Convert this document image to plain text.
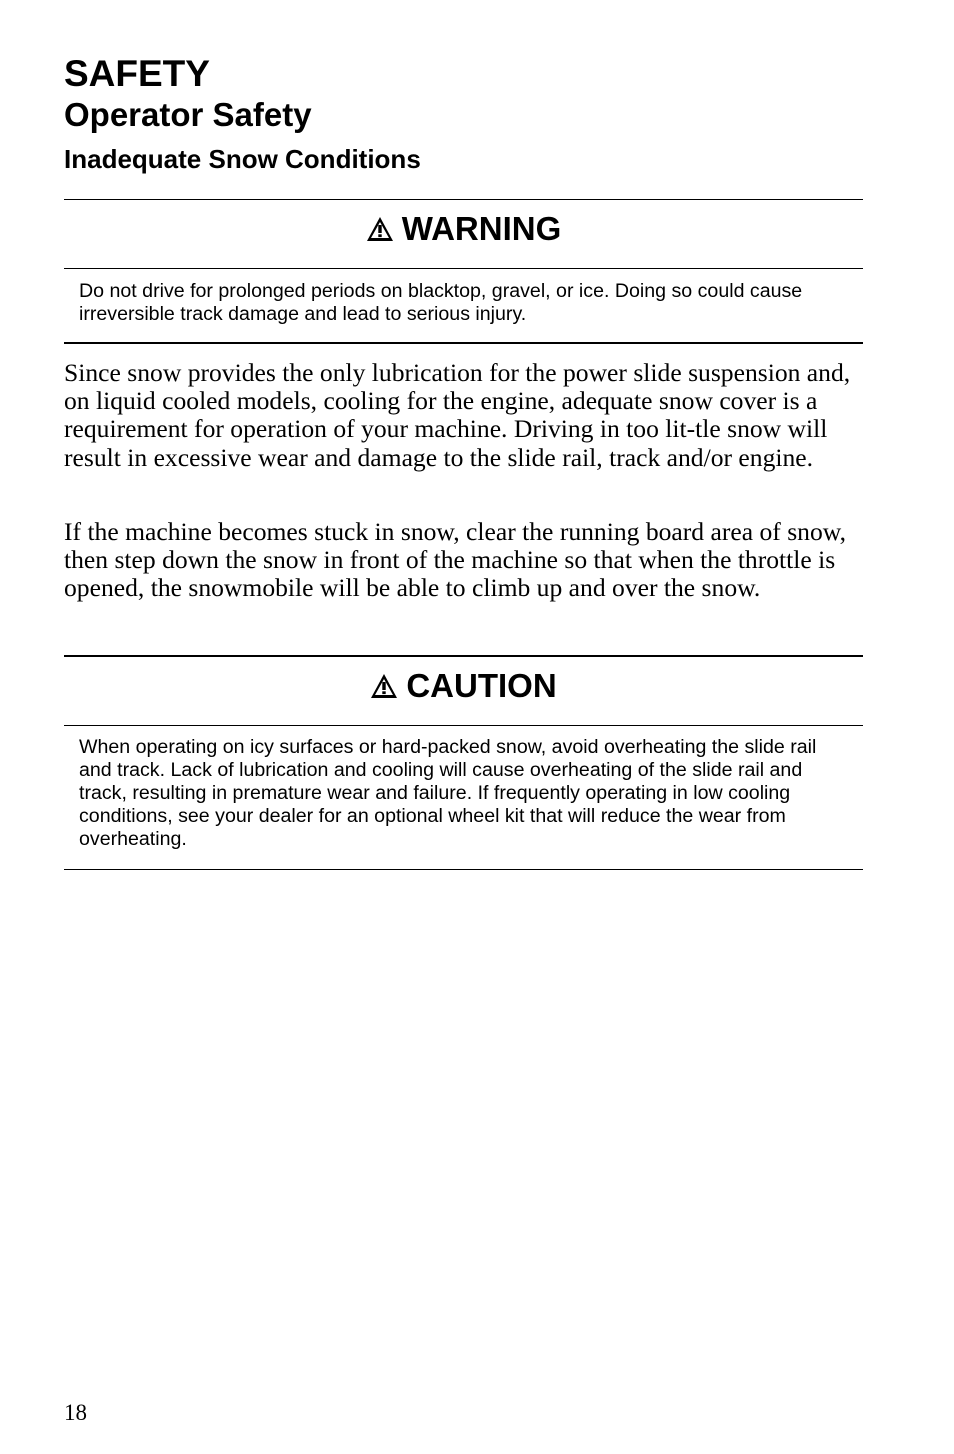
SAFETY
Operator Safety
Inadequate Snow Conditions
WARNING

Do not drive for prolonged periods on blacktop, gravel, or ice. Doing so could cause irreversible track damage and lead to serious injury.

Since snow provides the only lubrication for the power slide suspension and, on liquid cooled models, cooling for the engine, adequate snow cover is a requirement for operation of your machine. Driving in too lit-tle snow will result in excessive wear and damage to the slide rail, track and/or engine.

If the machine becomes stuck in snow, clear the running board area of snow, then step down the snow in front of the machine so that when the throttle is opened, the snowmobile will be able to climb up and over the snow.

CAUTION

When operating on icy surfaces or hard-packed snow, avoid overheating the slide rail and track. Lack of lubrication and cooling will cause overheating of the slide rail and track, resulting in premature wear and failure. If frequently operating in low cooling conditions, see your dealer for an optional wheel kit that will reduce the wear from overheating.

18
